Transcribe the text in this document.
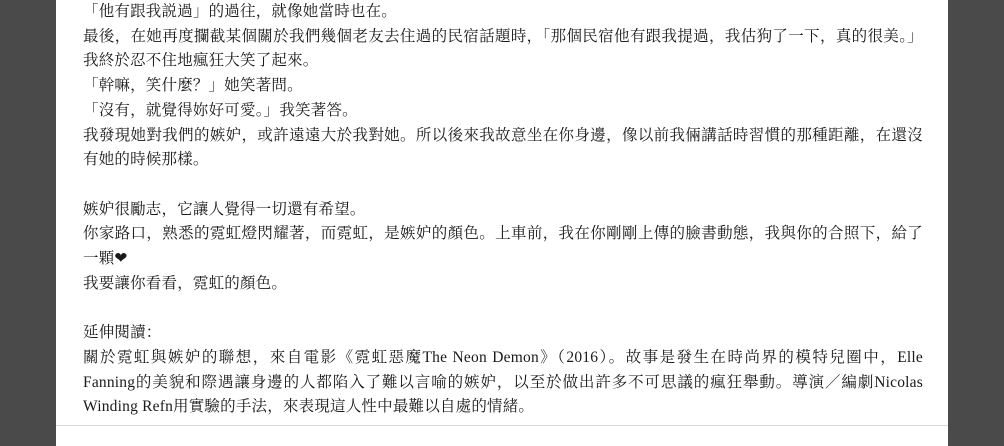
「他有跟我説過」的過往，就像她當時也在。

最後，在她再度攔截某個關於我們幾個老友去住過的民宿話題時，「那個民宿他有跟我提過，我估狗了一下，真的很美。」我終於忍不住地瘋狂大笑了起來。

「幹嘛，笑什麼？」她笑著問。

「沒有，就覺得妳好可愛。」我笑著答。

我發現她對我們的嫉妒，或許遠遠大於我對她。所以後來我故意坐在你身邊，像以前我倆講話時習慣的那種距離，在還沒有她的時候那樣。

嫉妒很勵志，它讓人覺得一切還有希望。

你家路口，熟悉的霓虹燈閃耀著，而霓虹，是嫉妒的顏色。上車前，我在你剛剛上傳的臉書動態，我與你的合照下，給了一顆❤

我要讓你看看，霓虹的顏色。

延伸閱讀：

關於霓虹與嫉妒的聯想，來自電影《霓虹惡魔The Neon Demon》（2016）。故事是發生在時尚界的模特兒圈中，Elle Fanning的美貌和際遇讓身邊的人都陷入了難以言喻的嫉妒，以至於做出許多不可思議的瘋狂舉動。導演／編劇Nicolas Winding Refn用實驗的手法，來表現這人性中最難以自處的情緒。
